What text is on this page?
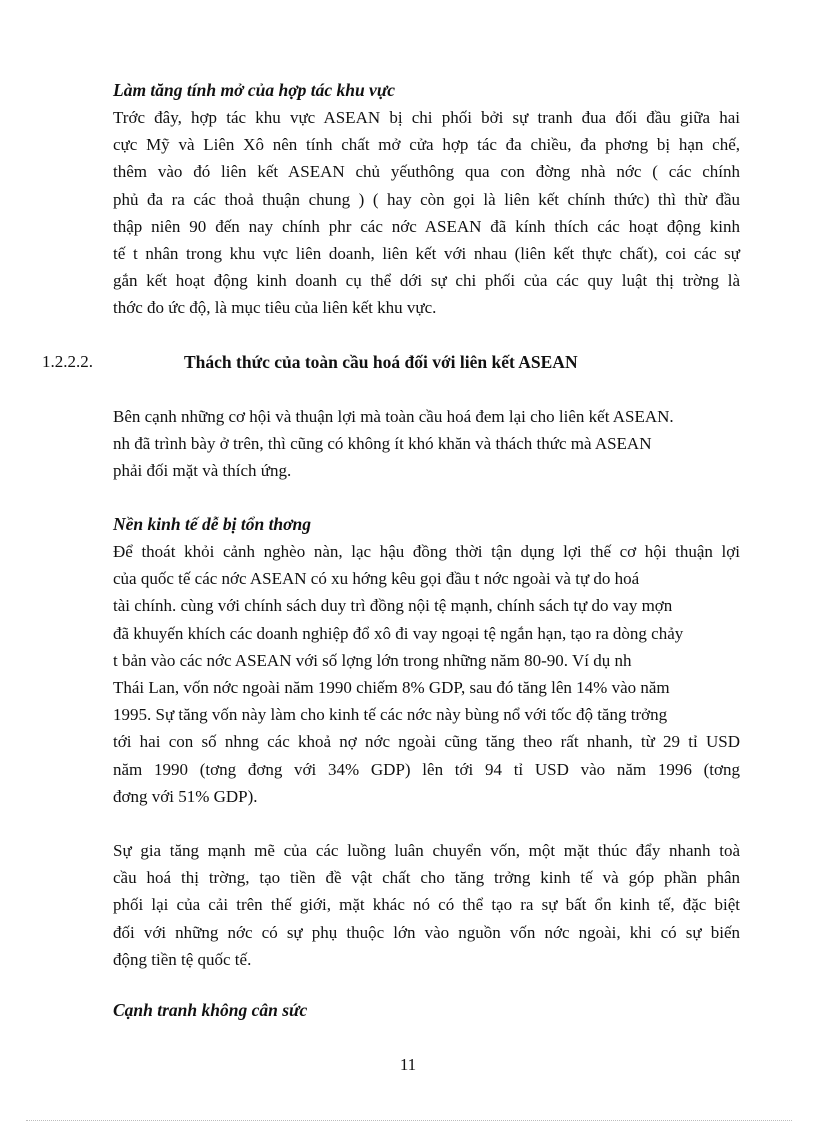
Làm tăng tính mở của hợp tác khu vực

Trớc đây, hợp tác khu vực ASEAN bị chi phối bởi sự tranh đua đối đầu giữa hai
cực Mỹ và Liên Xô nên tính chất mở cửa hợp tác đa chiều, đa phơng bị hạn chế,
thêm vào đó liên kết ASEAN chủ yếuthông qua con đờng nhà nớc ( các chính
phủ đa ra các thoả thuận chung ) ( hay còn gọi là liên kết chính thức) thì thừ đầu
thập niên 90 đến nay chính phr các nớc ASEAN đã kính thích các hoạt động kinh
tế t nhân trong khu vực liên doanh, liên kết với nhau (liên kết thực chất), coi các sự
gắn kết hoạt động kinh doanh cụ thể dới sự chi phối của các quy luật thị trờng là
thớc đo ức độ, là mục tiêu của liên kết khu vực.

1.2.2.2.	Thách thức của toàn cầu hoá đối với liên kết ASEAN

Bên cạnh những cơ hội và thuận lợi mà toàn cầu hoá đem lại cho liên kết ASEAN.
nh đã trình bày ở trên, thì cũng có không ít khó khăn và thách thức mà ASEAN
phải đối mặt và thích ứng.

Nền kinh tế dễ bị tổn thơng

Để thoát khỏi cảnh nghèo nàn, lạc hậu đồng thời tận dụng lợi thế cơ hội thuận lợi
của quốc tế các nớc ASEAN có xu hớng kêu gọi đầu t nớc ngoài và tự do hoá
tài chính. cùng với chính sách duy trì đồng nội tệ mạnh, chính sách tự do vay mợn
đã khuyến khích các doanh nghiệp đổ xô đi vay ngoại tệ ngắn hạn, tạo ra dòng chảy
t bản vào các nớc ASEAN với số lợng lớn trong những năm 80-90. Ví dụ nh
Thái Lan, vốn nớc ngoài năm 1990 chiếm 8% GDP, sau đó tăng lên 14% vào năm
1995. Sự tăng vốn này làm cho kinh tế các nớc này bùng nổ với tốc độ tăng trởng
tới hai con số nhng các khoả nợ nớc ngoài cũng tăng theo rất nhanh, từ 29 tỉ USD
năm 1990 (tơng đơng với 34% GDP) lên tới 94 tỉ USD vào năm 1996 (tơng
đơng với 51% GDP).
Sự gia tăng mạnh mẽ của các luồng luân chuyển vốn, một mặt thúc đẩy nhanh toà
cầu hoá thị trờng, tạo tiền đề vật chất cho tăng trởng kinh tế và góp phần phân
phối lại của cải trên thế giới, mặt khác nó có thể tạo ra sự bất ổn kinh tế, đặc biệt
đối với những nớc có sự phụ thuộc lớn vào nguồn vốn nớc ngoài, khi có sự biến
động tiền tệ quốc tế.

Cạnh tranh không cân sức

11
